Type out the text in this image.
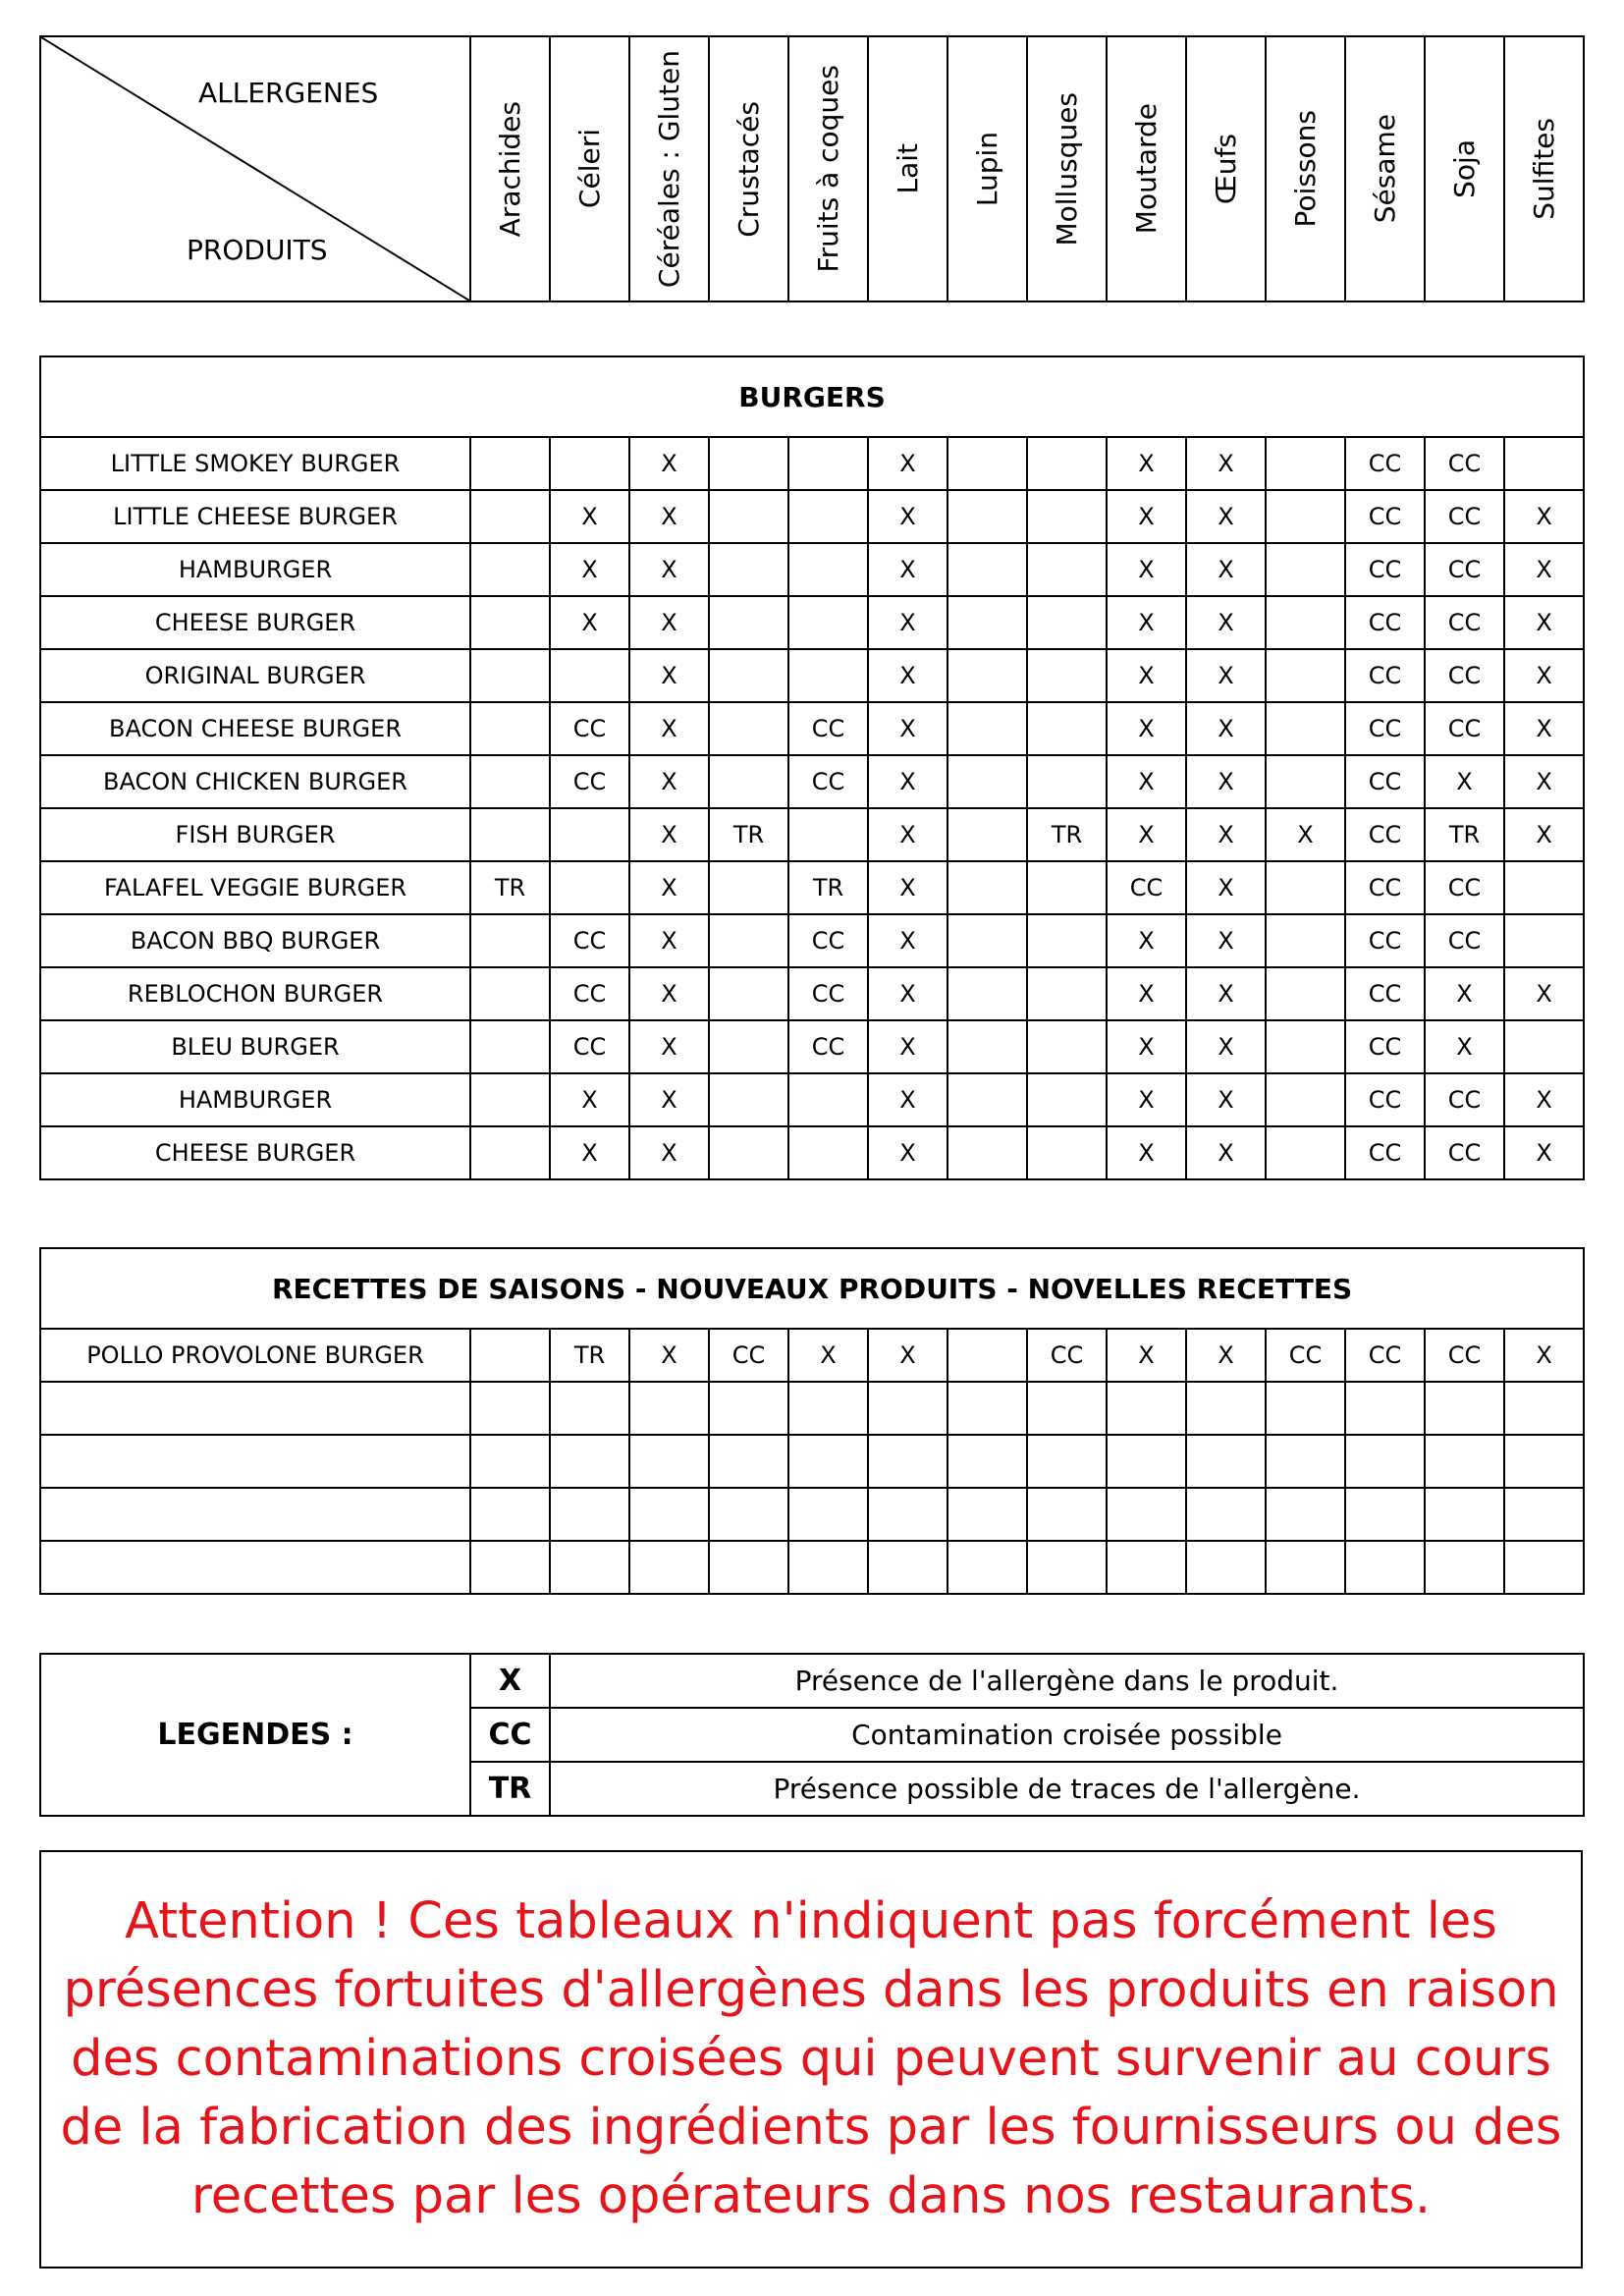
ALLERGENES
PRODUITS

Arachides	Céleri	Céréales : Gluten	Crustacés	Fruits à coques	Lait	Lupin	Mollusques	Moutarde	Œufs	Poissons	Sésame	Soja	Sulfites
BURGERS														
LITTLE SMOKEY BURGER			X			X			X	X		CC	CC	
LITTLE CHEESE BURGER		X	X			X			X	X		CC	CC	X
HAMBURGER		X	X			X			X	X		CC	CC	X
CHEESE BURGER		X	X			X			X	X		CC	CC	X
ORIGINAL BURGER			X			X			X	X		CC	CC	X
BACON CHEESE BURGER		CC	X		CC	X			X	X		CC	CC	X
BACON CHICKEN BURGER		CC	X		CC	X			X	X		CC	X	X
FISH BURGER			X	TR		X		TR	X	X	X	CC	TR	X
FALAFEL VEGGIE BURGER	TR		X		TR	X			CC	X		CC	CC	
BACON BBQ BURGER		CC	X		CC	X			X	X		CC	CC	
REBLOCHON BURGER		CC	X		CC	X			X	X		CC	X	X
BLEU BURGER		CC	X		CC	X			X	X		CC	X	
HAMBURGER		X	X			X			X	X		CC	CC	X
CHEESE BURGER		X	X			X			X	X		CC	CC	X
RECETTES DE SAISONS - NOUVEAUX PRODUITS - NOVELLES RECETTES														
POLLO PROVOLONE BURGER		TR	X	CC	X	X		CC	X	X	CC	CC	CC	X

LEGENDES :	X	Présence de l'allergène dans le produit.
	CC	Contamination croisée possible
	TR	Présence possible de traces de l'allergène.
Attention ! Ces tableaux n'indiquent pas forcément les présences fortuites d'allergènes dans les produits en raison des contaminations croisées qui peuvent survenir au cours de la fabrication des ingrédients par les fournisseurs ou des recettes par les opérateurs dans nos restaurants.
